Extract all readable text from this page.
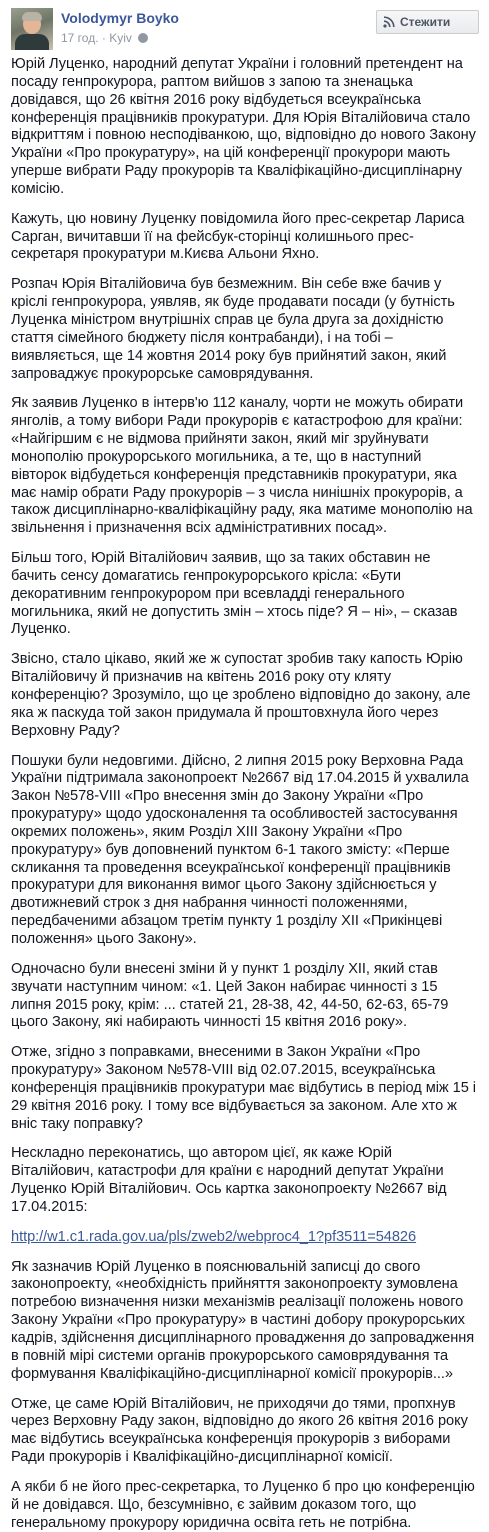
Volodymyr Boyko
17 год. · Kyiv
Стежити

Юрій Луценко, народний депутат України і головний претендент на посаду генпрокурора, раптом вийшов з запою та зненацька довідався, що 26 квітня 2016 року відбудеться всеукраїнська конференція працівників прокуратури. Для Юрія Віталійовича стало відкриттям і повною несподіванкою, що, відповідно до нового Закону України «Про прокуратуру», на цій конференції прокурори мають уперше вибрати Раду прокурорів та Кваліфікаційно-дисциплінарну комісію.

Кажуть, цю новину Луценку повідомила його прес-секретар Лариса Сарган, вичитавши її на фейсбук-сторінці колишнього прес-секретаря прокуратури м.Києва Альони Яхно.

Розпач Юрія Віталійовича був безмежним. Він себе вже бачив у кріслі генпрокурора, уявляв, як буде продавати посади (у бутність Луценка міністром внутрішніх справ це була друга за дохідністю стаття сімейного бюджету після контрабанди), і на тобі – виявляється, ще 14 жовтня 2014 року був прийнятий закон, який запроваджує прокурорське самоврядування.

Як заявив Луценко в інтерв'ю 112 каналу, чорти не можуть обирати янголів, а тому вибори Ради прокурорів є катастрофою для країни: «Найгіршим є не відмова прийняти закон, який міг зруйнувати монополію прокурорського могильника, а те, що в наступний вівторок відбудеться конференція представників прокуратури, яка має намір обрати Раду прокурорів – з числа нинішніх прокурорів, а також дисциплінарно-кваліфікаційну раду, яка матиме монополію на звільнення і призначення всіх адміністративних посад».

Більш того, Юрій Віталійович заявив, що за таких обставин не бачить сенсу домагатись генпрокурорського крісла: «Бути декоративним генпрокурором при всевладді генерального могильника, який не допустить змін – хтось піде? Я – ні», – сказав Луценко.

Звісно, стало цікаво, який же ж супостат зробив таку капость Юрію Віталійовичу й призначив на квітень 2016 року оту кляту конференцію? Зрозуміло, що це зроблено відповідно до закону, але яка ж паскуда той закон придумала й проштовхнула його через Верховну Раду?

Пошуки були недовгими. Дійсно, 2 липня 2015 року Верховна Рада України підтримала законопроект №2667 від 17.04.2015 й ухвалила Закон №578-VIII «Про внесення змін до Закону України «Про прокуратуру» щодо удосконалення та особливостей застосування окремих положень», яким Розділ XIII Закону України «Про прокуратуру» був доповнений пунктом 6-1 такого змісту: «Перше скликання та проведення всеукраїнської конференції працівників прокуратури для виконання вимог цього Закону здійснюється у двотижневий строк з дня набрання чинності положеннями, передбаченими абзацом третім пункту 1 розділу XII «Прикінцеві положення» цього Закону».

Одночасно були внесені зміни й у пункт 1 розділу XII, який став звучати наступним чином: «1. Цей Закон набирає чинності з 15 липня 2015 року, крім: ... статей 21, 28-38, 42, 44-50, 62-63, 65-79 цього Закону, які набирають чинності 15 квітня 2016 року».

Отже, згідно з поправками, внесеними в Закон України «Про прокуратуру» Законом №578-VIII від 02.07.2015, всеукраїнська конференція працівників прокуратури має відбутись в період між 15 і 29 квітня 2016 року. І тому все відбувається за законом. Але хто ж вніс таку поправку?

Нескладно переконатись, що автором цієї, як каже Юрій Віталійович, катастрофи для країни є народний депутат України Луценко Юрій Віталійович. Ось картка законопроекту №2667 від 17.04.2015:

http://w1.c1.rada.gov.ua/pls/zweb2/webproc4_1?pf3511=54826

Як зазначив Юрій Луценко в пояснювальній записці до свого законопроекту, «необхідність прийняття законопроекту зумовлена потребою визначення низки механізмів реалізації положень нового Закону України «Про прокуратуру» в частині добору прокурорських кадрів, здійснення дисциплінарного провадження до запровадження в повній мірі системи органів прокурорського самоврядування та формування Кваліфікаційно-дисциплінарної комісії прокурорів...»

Отже, це саме Юрій Віталійович, не приходячи до тями, пропхнув через Верховну Раду закон, відповідно до якого 26 квітня 2016 року має відбутись всеукраїнська конференція прокурорів з виборами Ради прокурорів і Кваліфікаційно-дисциплінарної комісії.

А якби б не його прес-секретарка, то Луценко б про цю конференцію й не довідався. Що, безсумнівно, є зайвим доказом того, що генеральному прокурору юридична освіта геть не потрібна.
